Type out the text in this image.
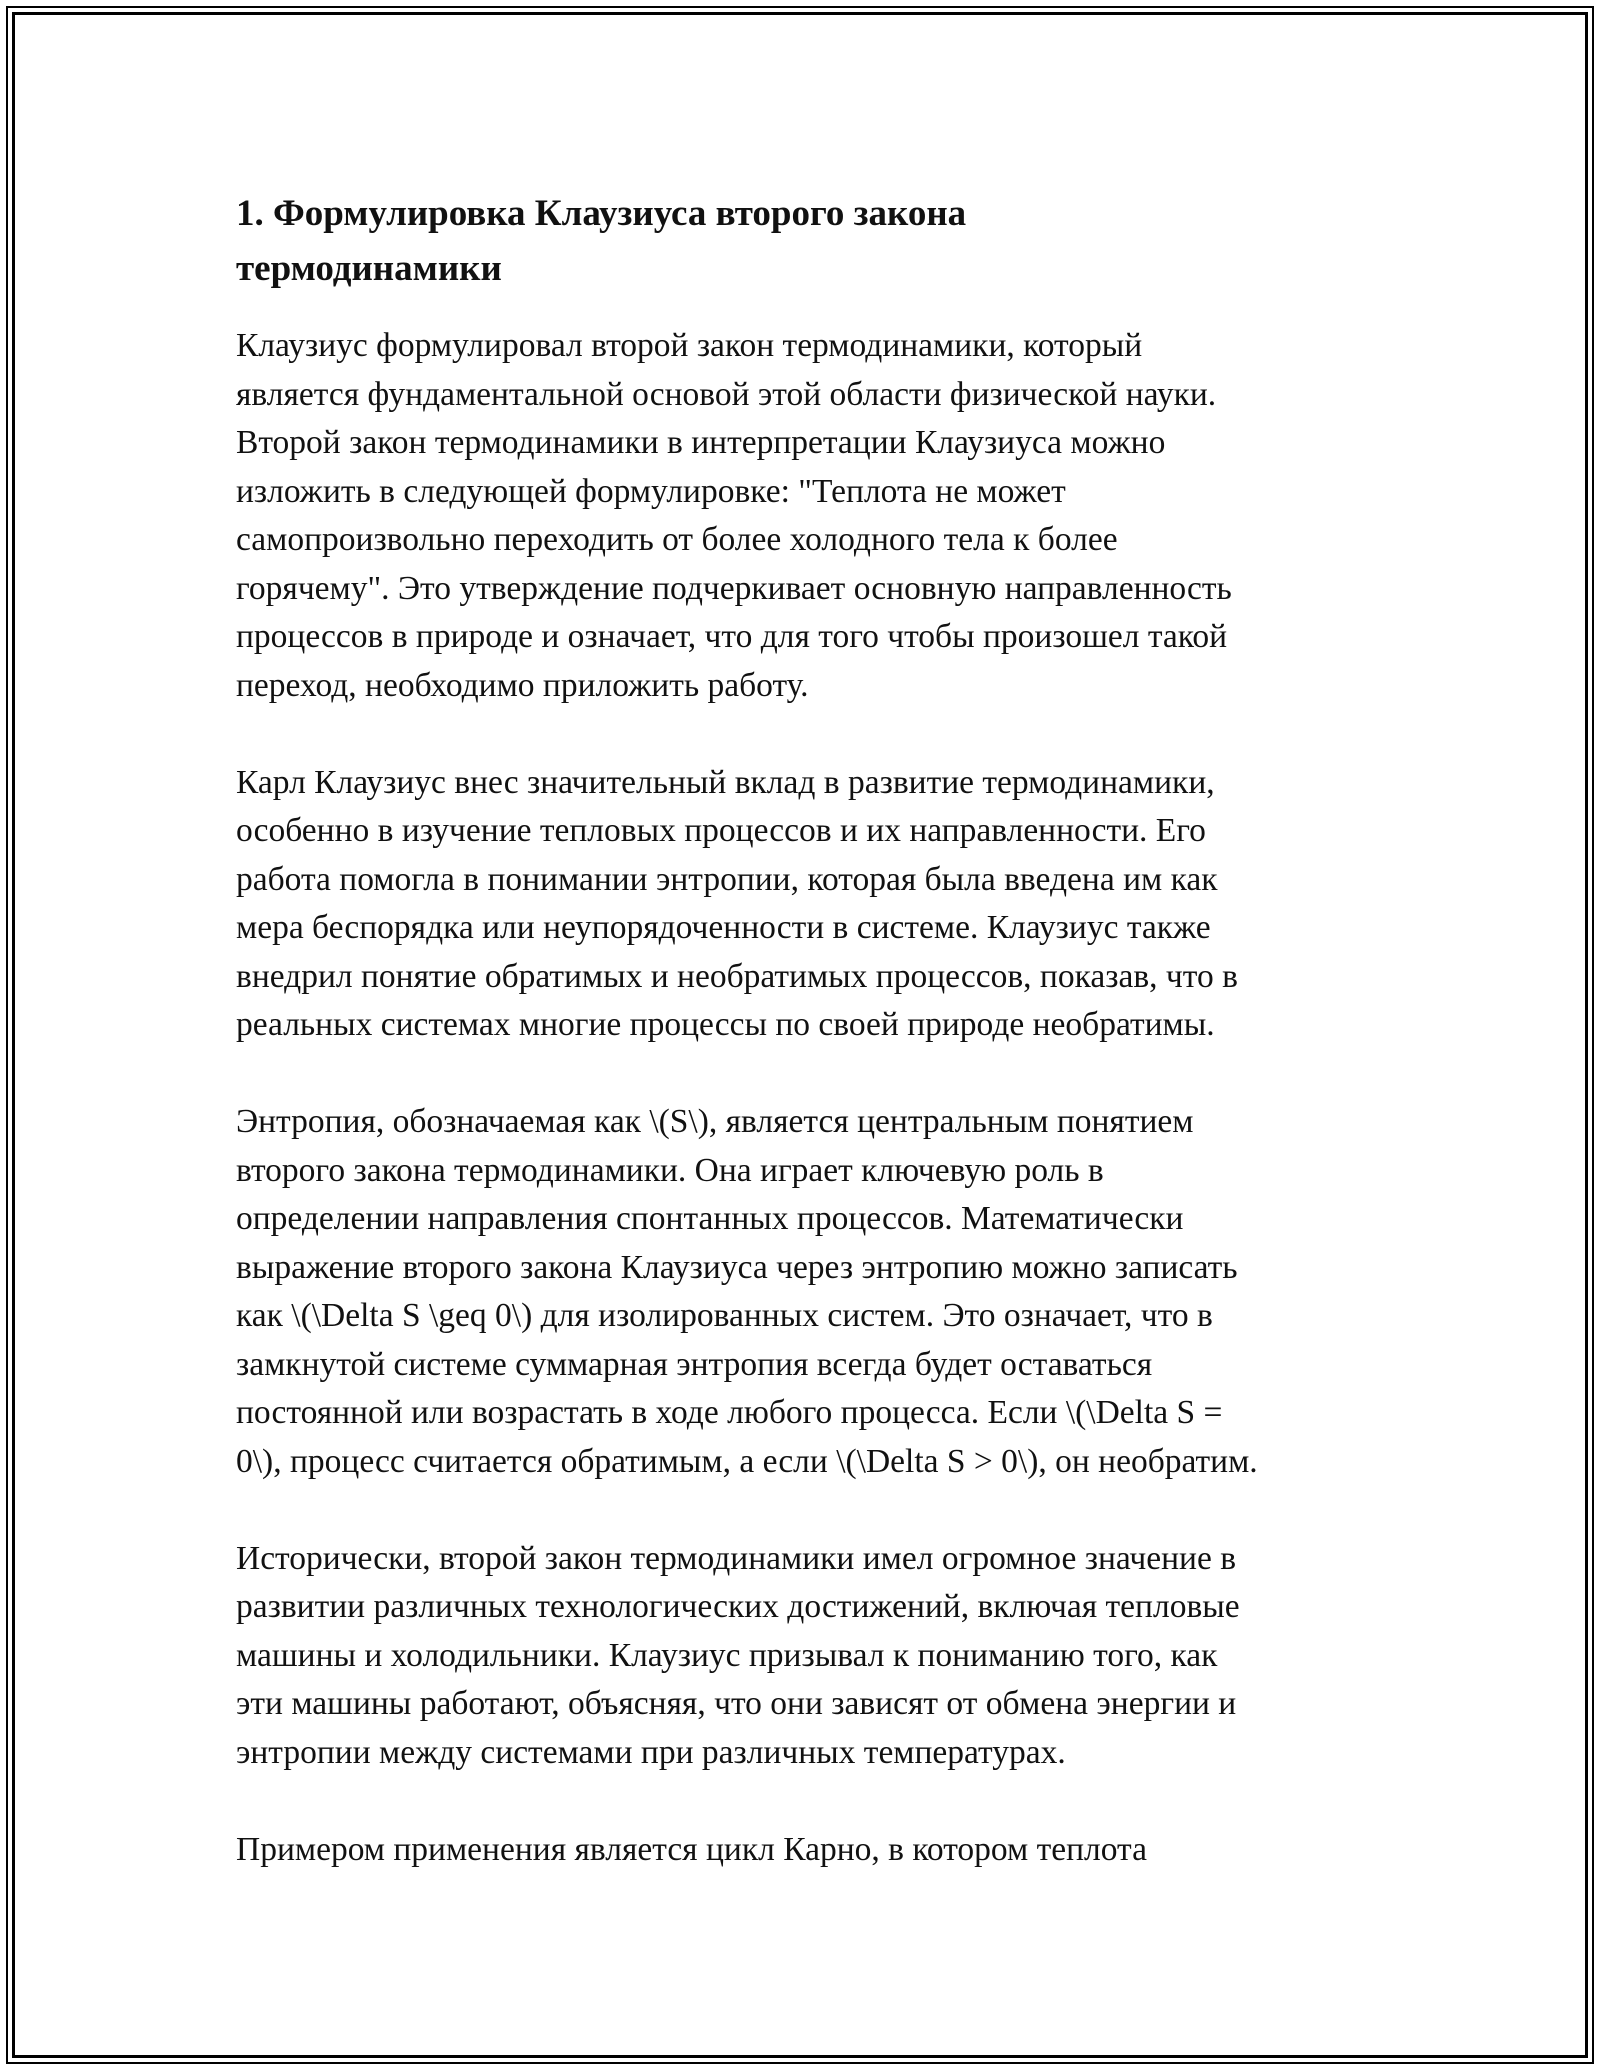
1. Формулировка Клаузиуса второго закона
термодинамики

Клаузиус формулировал второй закон термодинамики, который
является фундаментальной основой этой области физической науки.
Второй закон термодинамики в интерпретации Клаузиуса можно
изложить в следующей формулировке: "Теплота не может
самопроизвольно переходить от более холодного тела к более
горячему". Это утверждение подчеркивает основную направленность
процессов в природе и означает, что для того чтобы произошел такой
переход, необходимо приложить работу.

Карл Клаузиус внес значительный вклад в развитие термодинамики,
особенно в изучение тепловых процессов и их направленности. Его
работа помогла в понимании энтропии, которая была введена им как
мера беспорядка или неупорядоченности в системе. Клаузиус также
внедрил понятие обратимых и необратимых процессов, показав, что в
реальных системах многие процессы по своей природе необратимы.

Энтропия, обозначаемая как \(S\), является центральным понятием
второго закона термодинамики. Она играет ключевую роль в
определении направления спонтанных процессов. Математически
выражение второго закона Клаузиуса через энтропию можно записать
как \(\Delta S \geq 0\) для изолированных систем. Это означает, что в
замкнутой системе суммарная энтропия всегда будет оставаться
постоянной или возрастать в ходе любого процесса. Если \(\Delta S =
0\), процесс считается обратимым, а если \(\Delta S > 0\), он необратим.

Исторически, второй закон термодинамики имел огромное значение в
развитии различных технологических достижений, включая тепловые
машины и холодильники. Клаузиус призывал к пониманию того, как
эти машины работают, объясняя, что они зависят от обмена энергии и
энтропии между системами при различных температурах.

Примером применения является цикл Карно, в котором теплота
